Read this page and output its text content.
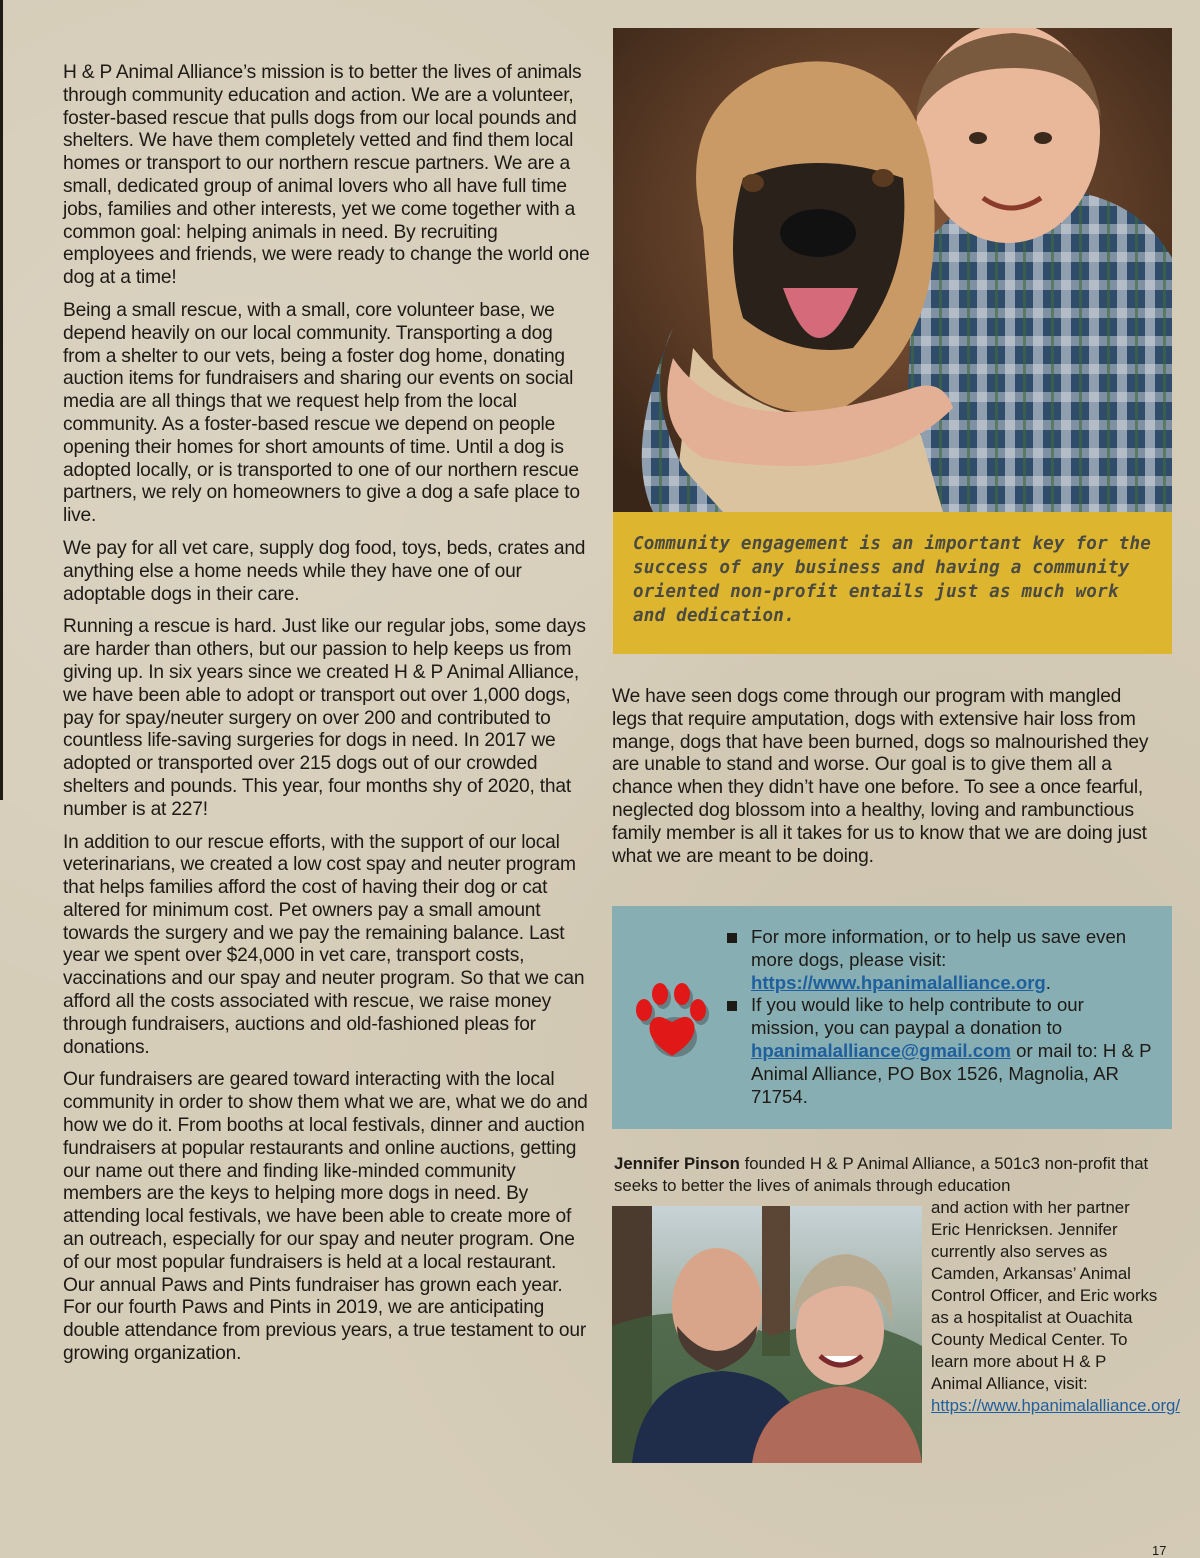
H & P Animal Alliance’s mission is to better the lives of animals through community education and action. We are a volunteer, foster-based rescue that pulls dogs from our local pounds and shelters. We have them completely vetted and find them local homes or transport to our northern rescue partners. We are a small, dedicated group of animal lovers who all have full time jobs, families and other interests, yet we come together with a common goal: helping animals in need. By recruiting employees and friends, we were ready to change the world one dog at a time!

Being a small rescue, with a small, core volunteer base, we depend heavily on our local community. Transporting a dog from a shelter to our vets, being a foster dog home, donating auction items for fundraisers and sharing our events on social media are all things that we request help from the local community. As a foster-based rescue we depend on people opening their homes for short amounts of time. Until a dog is adopted locally, or is transported to one of our northern rescue partners, we rely on homeowners to give a dog a safe place to live.

We pay for all vet care, supply dog food, toys, beds, crates and anything else a home needs while they have one of our adoptable dogs in their care.

Running a rescue is hard. Just like our regular jobs, some days are harder than others, but our passion to help keeps us from giving up. In six years since we created H & P Animal Alliance, we have been able to adopt or transport out over 1,000 dogs, pay for spay/neuter surgery on over 200 and contributed to countless life-saving surgeries for dogs in need. In 2017 we adopted or transported over 215 dogs out of our crowded shelters and pounds. This year, four months shy of 2020, that number is at 227!

In addition to our rescue efforts, with the support of our local veterinarians, we created a low cost spay and neuter program that helps families afford the cost of having their dog or cat altered for minimum cost. Pet owners pay a small amount towards the surgery and we pay the remaining balance. Last year we spent over $24,000 in vet care, transport costs, vaccinations and our spay and neuter program. So that we can afford all the costs associated with rescue, we raise money through fundraisers, auctions and old-fashioned pleas for donations.

Our fundraisers are geared toward interacting with the local community in order to show them what we are, what we do and how we do it. From booths at local festivals, dinner and auction fundraisers at popular restaurants and online auctions, getting our name out there and finding like-minded community members are the keys to helping more dogs in need. By attending local festivals, we have been able to create more of an outreach, especially for our spay and neuter program. One of our most popular fundraisers is held at a local restaurant. Our annual Paws and Pints fundraiser has grown each year. For our fourth Paws and Pints in 2019, we are anticipating double attendance from previous years, a true testament to our growing organization.

Community engagement is an important key for the success of any business and having a community oriented non-profit entails just as much work and dedication.

We have seen dogs come through our program with mangled legs that require amputation, dogs with extensive hair loss from mange, dogs that have been burned, dogs so malnourished they are unable to stand and worse. Our goal is to give them all a chance when they didn’t have one before. To see a once fearful, neglected dog blossom into a healthy, loving and rambunctious family member is all it takes for us to know that we are doing just what we are meant to be doing.

For more information, or to help us save even more dogs, please visit: https://www.hpanimalalliance.org.

If you would like to help contribute to our mission, you can paypal a donation to hpanimalalliance@gmail.com or mail to: H & P Animal Alliance, PO Box 1526, Magnolia, AR 71754.

Jennifer Pinson founded H & P Animal Alliance, a 501c3 non-profit that seeks to better the lives of animals through education

and action with her partner Eric Henricksen. Jennifer currently also serves as Camden, Arkansas’ Animal Control Officer, and Eric works as a hospitalist at Ouachita County Medical Center. To learn more about H & P Animal Alliance, visit: https://www.hpanimalalliance.org/

17
